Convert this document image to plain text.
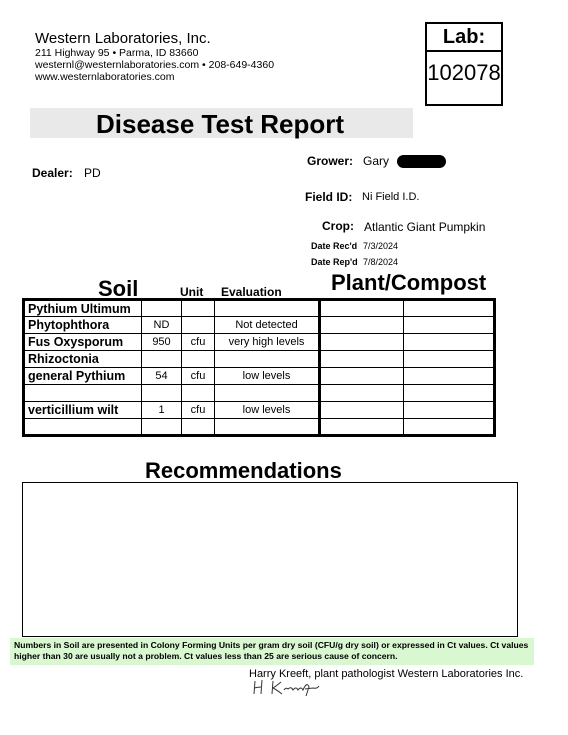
Western Laboratories, Inc.
211 Highway 95 • Parma, ID 83660
westernl@westernlaboratories.com • 208-649-4360
www.westernlaboratories.com
Lab:
102078
Disease Test Report
Dealer: PD
Grower: Gary
Field ID: Ni Field I.D.
Crop: Atlantic Giant Pumpkin
Date Rec'd 7/3/2024
Date Rep'd 7/8/2024
Soil	Unit Evaluation Plant/Compost
Pythium Ultimum					
Phytophthora	ND		Not detected		
Fus Oxysporum	950	cfu	very high levels		
Rhizoctonia					
general Pythium	54	cfu	low levels		

verticillium wilt	1	cfu	low levels		

Recommendations
Numbers in Soil are presented in Colony Forming Units per gram dry soil (CFU/g dry soil) or expressed in Ct values. Ct values higher than 30 are usually not a problem. Ct values less than 25 are serious cause of concern.
Harry Kreeft, plant pathologist Western Laboratories Inc.
